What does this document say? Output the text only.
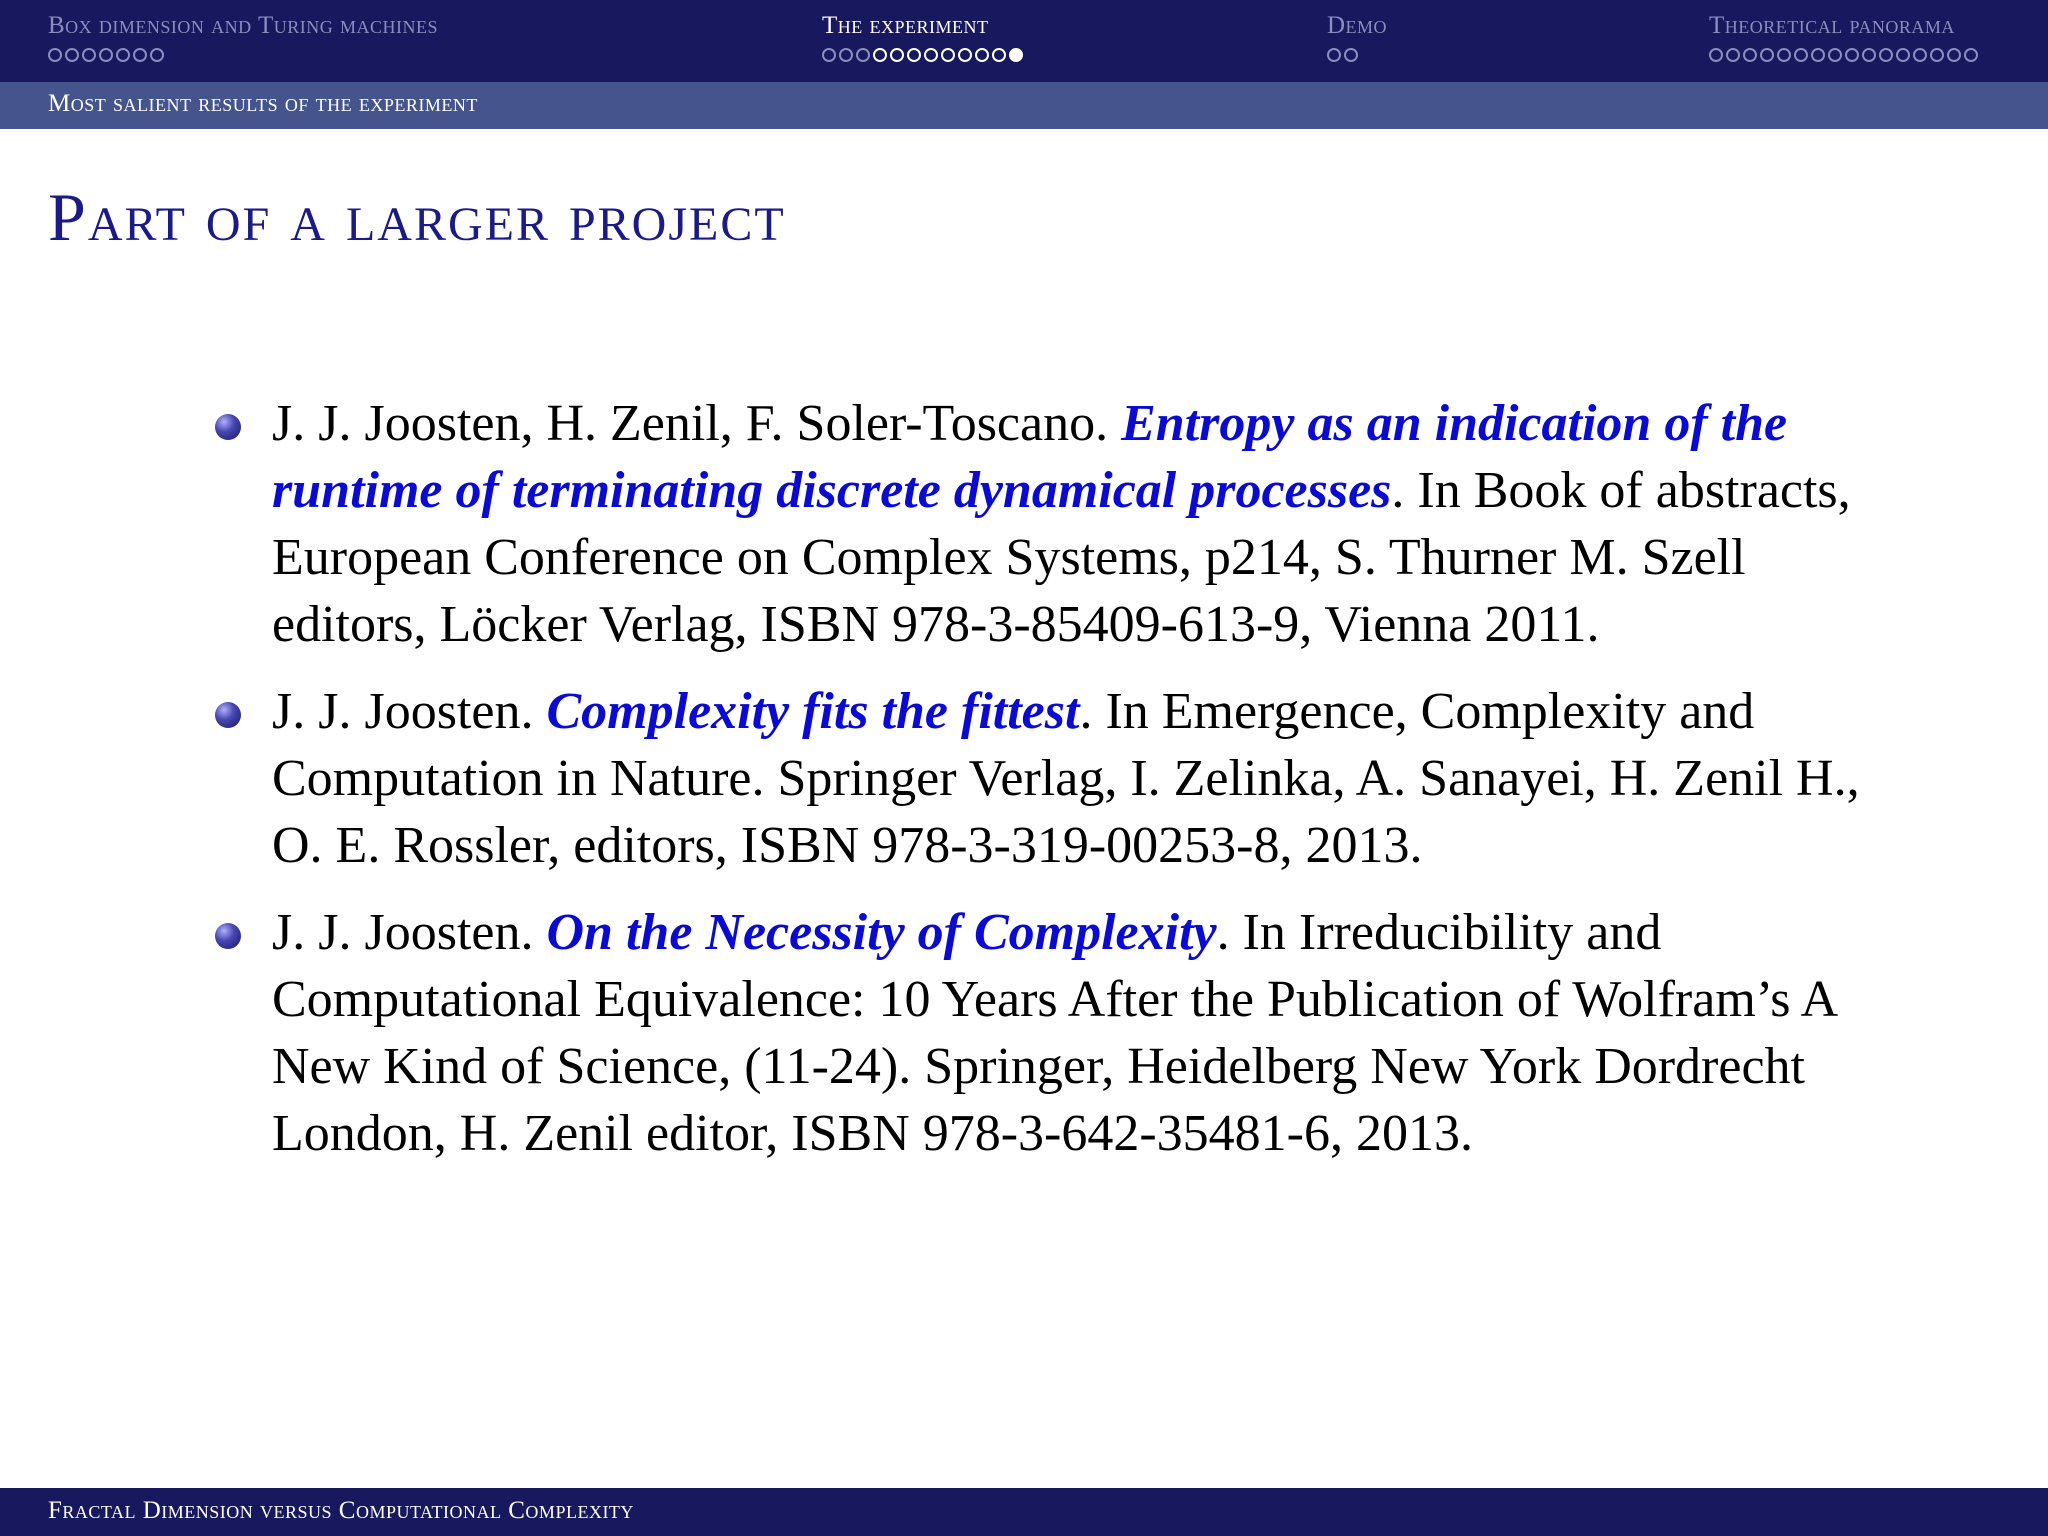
Box dimension and Turing machines	The experiment	Demo	Theoretical panorama
Most salient results of the experiment
Part of a larger project
J. J. Joosten, H. Zenil, F. Soler-Toscano. Entropy as an indication of the runtime of terminating discrete dynamical processes. In Book of abstracts, European Conference on Complex Systems, p214, S. Thurner M. Szell editors, Löcker Verlag, ISBN 978-3-85409-613-9, Vienna 2011.
J. J. Joosten. Complexity fits the fittest. In Emergence, Complexity and Computation in Nature. Springer Verlag, I. Zelinka, A. Sanayei, H. Zenil H., O. E. Rossler, editors, ISBN 978-3-319-00253-8, 2013.
J. J. Joosten. On the Necessity of Complexity. In Irreducibility and Computational Equivalence: 10 Years After the Publication of Wolfram’s A New Kind of Science, (11-24). Springer, Heidelberg New York Dordrecht London, H. Zenil editor, ISBN 978-3-642-35481-6, 2013.
Fractal Dimension versus Computational Complexity
